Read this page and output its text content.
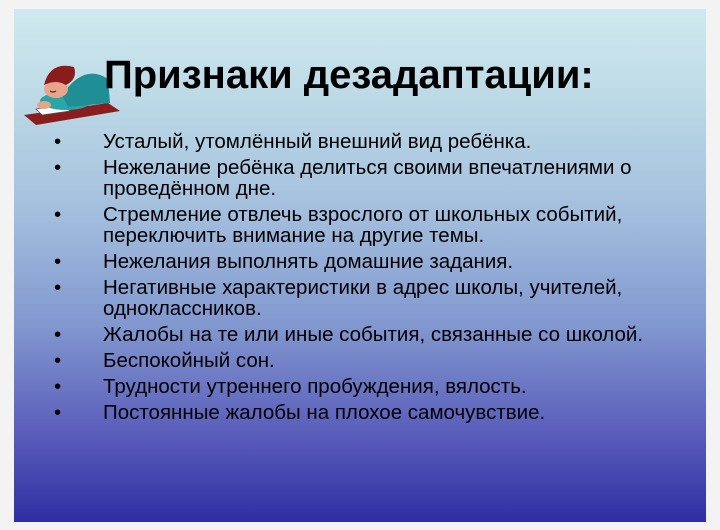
Признаки дезадаптации:
•	Усталый, утомлённый внешний вид ребёнка.
•	Нежелание ребёнка делиться своими впечатлениями о проведённом дне.
•	Стремление отвлечь взрослого от школьных событий, переключить внимание на другие темы.
•	Нежелания выполнять домашние задания.
•	Негативные характеристики в адрес школы, учителей, одноклассников.
•	Жалобы на те или иные события, связанные со школой.
•	Беспокойный сон.
•	Трудности утреннего пробуждения, вялость.
•	Постоянные жалобы на плохое самочувствие.
